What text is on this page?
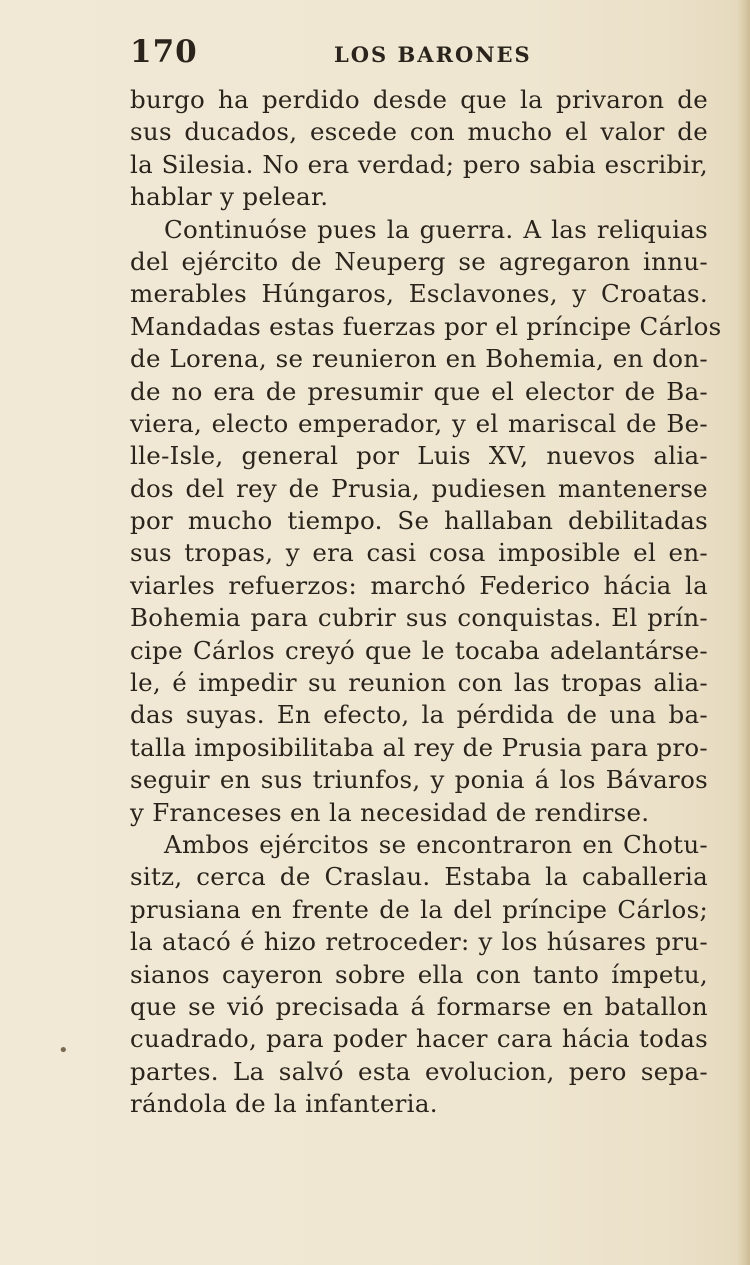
170	LOS BARONES
burgo ha perdido desde que la privaron de
sus ducados, escede con mucho el valor de
la Silesia. No era verdad; pero sabia escribir,
hablar y pelear.
Continuóse pues la guerra. A las reliquias
del ejército de Neuperg se agregaron innu-
merables Húngaros, Esclavones, y Croatas.
Mandadas estas fuerzas por el príncipe Cárlos
de Lorena, se reunieron en Bohemia, en don-
de no era de presumir que el elector de Ba-
viera, electo emperador, y el mariscal de Be-
lle-Isle, general por Luis XV, nuevos alia-
dos del rey de Prusia, pudiesen mantenerse
por mucho tiempo. Se hallaban debilitadas
sus tropas, y era casi cosa imposible el en-
viarles refuerzos: marchó Federico hácia la
Bohemia para cubrir sus conquistas. El prín-
cipe Cárlos creyó que le tocaba adelantárse-
le, é impedir su reunion con las tropas alia-
das suyas. En efecto, la pérdida de una ba-
talla imposibilitaba al rey de Prusia para pro-
seguir en sus triunfos, y ponia á los Bávaros
y Franceses en la necesidad de rendirse.
Ambos ejércitos se encontraron en Chotu-
sitz, cerca de Craslau. Estaba la caballeria
prusiana en frente de la del príncipe Cárlos;
la atacó é hizo retroceder: y los húsares pru-
sianos cayeron sobre ella con tanto ímpetu,
que se vió precisada á formarse en batallon
cuadrado, para poder hacer cara hácia todas
partes. La salvó esta evolucion, pero sepa-
rándola de la infanteria.
•
